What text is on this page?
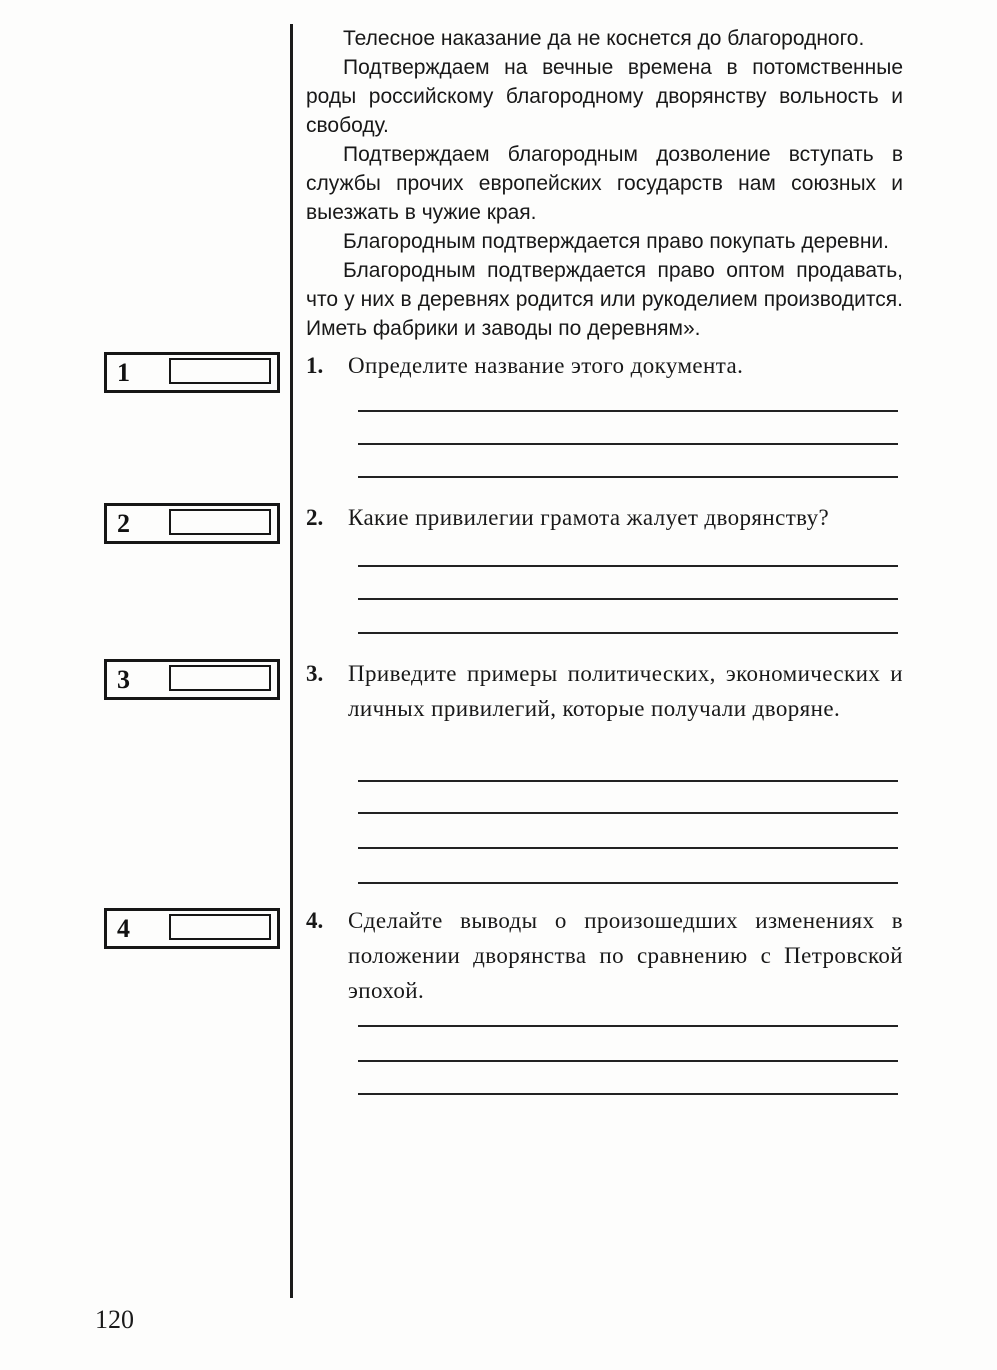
Телесное наказание да не коснется до благородного.

Подтверждаем на вечные времена в потомственные роды российскому благородному дворянству вольность и свободу.

Подтверждаем благородным дозволение вступать в службы прочих европейских государств нам союзных и выезжать в чужие края.

Благородным подтверждается право покупать деревни.

Благородным подтверждается право оптом продавать, что у них в деревнях родится или рукоделием производится. Иметь фабрики и заводы по деревням».

1.	Определите название этого документа.
2.	Какие привилегии грамота жалует дворянству?
3.	Приведите примеры политических, экономических и личных привилегий, которые получали дворяне.
4.	Сделайте выводы о произошедших изменениях в положении дворянства по сравнению с Петровской эпохой.
1
2
3
4
120
